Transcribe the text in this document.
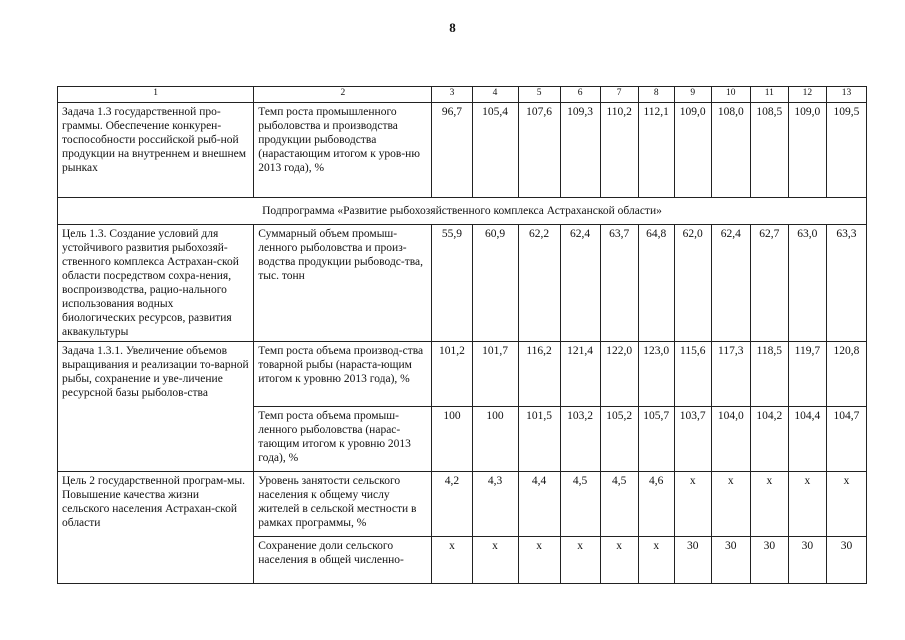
8
1	2	3	4	5	6	7	8	9	10	11	12	13
Задача 1.3 государственной про-граммы. Обеспечение конкурен-тоспособности российской рыб-ной продукции на внутреннем и внешнем рынках	Темп роста промышленного рыболовства и производства продукции рыбоводства (нарастающим итогом к уров-ню 2013 года), %	96,7	105,4	107,6	109,3	110,2	112,1	109,0	108,0	108,5	109,0	109,5
Подпрограмма «Развитие рыбохозяйственного комплекса Астраханской области»												
Цель 1.3. Создание условий для устойчивого развития рыбохозяй-ственного комплекса Астрахан-ской области посредством сохра-нения, воспроизводства, рацио-нального использования водных биологических ресурсов, развития аквакультуры	Суммарный объем промыш-ленного рыболовства и произ-водства продукции рыбоводс-тва, тыс. тонн	55,9	60,9	62,2	62,4	63,7	64,8	62,0	62,4	62,7	63,0	63,3
Задача 1.3.1. Увеличение объемов выращивания и реализации то-варной рыбы, сохранение и уве-личение ресурсной базы рыболов-ства	Темп роста объема производ-ства товарной рыбы (нараста-ющим итогом к уровню 2013 года), %	101,2	101,7	116,2	121,4	122,0	123,0	115,6	117,3	118,5	119,7	120,8
	Темп роста объема промыш-ленного рыболовства (нарас-тающим итогом к уровню 2013 года), %	100	100	101,5	103,2	105,2	105,7	103,7	104,0	104,2	104,4	104,7
Цель 2 государственной програм-мы. Повышение качества жизни сельского населения Астрахан-ской области	Уровень занятости сельского населения к общему числу жителей в сельской местности в рамках программы, %	4,2	4,3	4,4	4,5	4,5	4,6	x	x	x	x	x
	Сохранение доли сельского населения в общей численно-	x	x	x	x	x	x	30	30	30	30	30
